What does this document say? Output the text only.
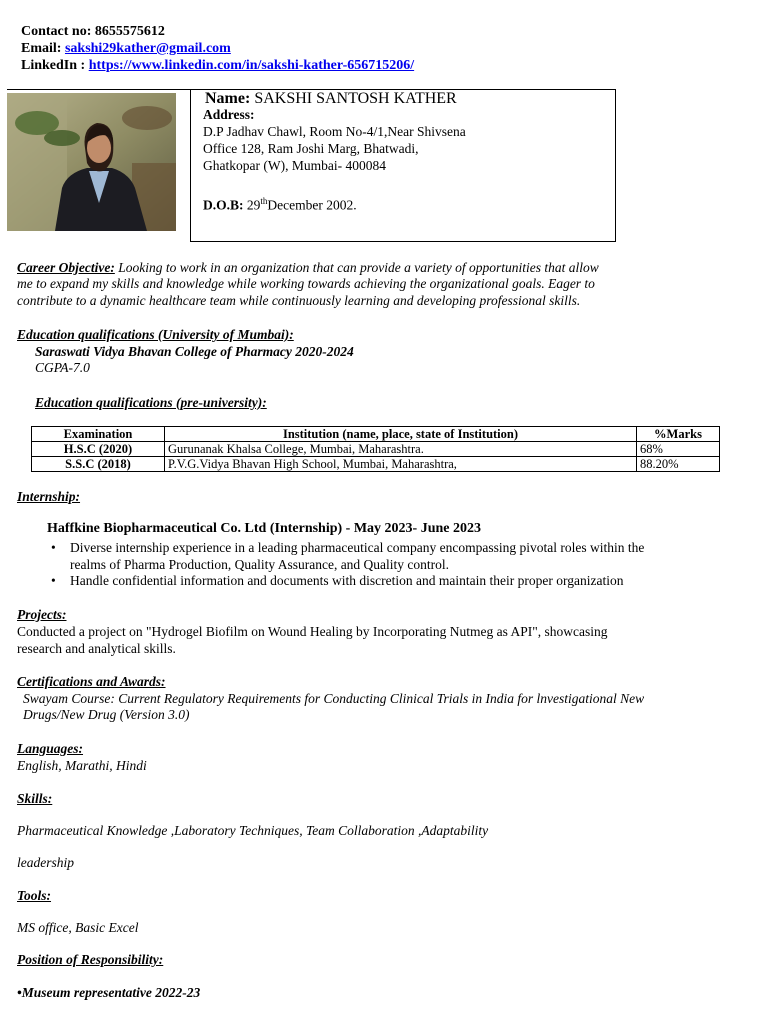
Contact no: 8655575612
Email: sakshi29kather@gmail.com
LinkedIn : https://www.linkedin.com/in/sakshi-kather-656715206/
Name: SAKSHI SANTOSH KATHER
Address:
D.P Jadhav Chawl, Room No-4/1,Near Shivsena
Office 128, Ram Joshi Marg, Bhatwadi,
Ghatkopar (W), Mumbai- 400084
D.O.B: 29thDecember 2002.
Career Objective: Looking to work in an organization that can provide a variety of opportunities that allow
me to expand my skills and knowledge while working towards achieving the organizational goals. Eager to
contribute to a dynamic healthcare team while continuously learning and developing professional skills.
Education qualifications (University of Mumbai):
Saraswati Vidya Bhavan College of Pharmacy 2020-2024
CGPA-7.0
Education qualifications (pre-university):
Examination	Institution (name, place, state of Institution)	%Marks
H.S.C (2020)	Gurunanak Khalsa College, Mumbai, Maharashtra.	68%
S.S.C (2018)	P.V.G.Vidya Bhavan High School, Mumbai, Maharashtra,	88.20%
Internship:
Haffkine Biopharmaceutical Co. Ltd (Internship) - May 2023- June 2023
• Diverse internship experience in a leading pharmaceutical company encompassing pivotal roles within the
realms of Pharma Production, Quality Assurance, and Quality control.
• Handle confidential information and documents with discretion and maintain their proper organization
Projects:
Conducted a project on "Hydrogel Biofilm on Wound Healing by Incorporating Nutmeg as API", showcasing
research and analytical skills.
Certifications and Awards:
Swayam Course: Current Regulatory Requirements for Conducting Clinical Trials in India for lnvestigational New
Drugs/New Drug (Version 3.0)
Languages:
English, Marathi, Hindi
Skills:
Pharmaceutical Knowledge ,Laboratory Techniques, Team Collaboration ,Adaptability
leadership
Tools:
MS office, Basic Excel
Position of Responsibility:
•Museum representative 2022-23
